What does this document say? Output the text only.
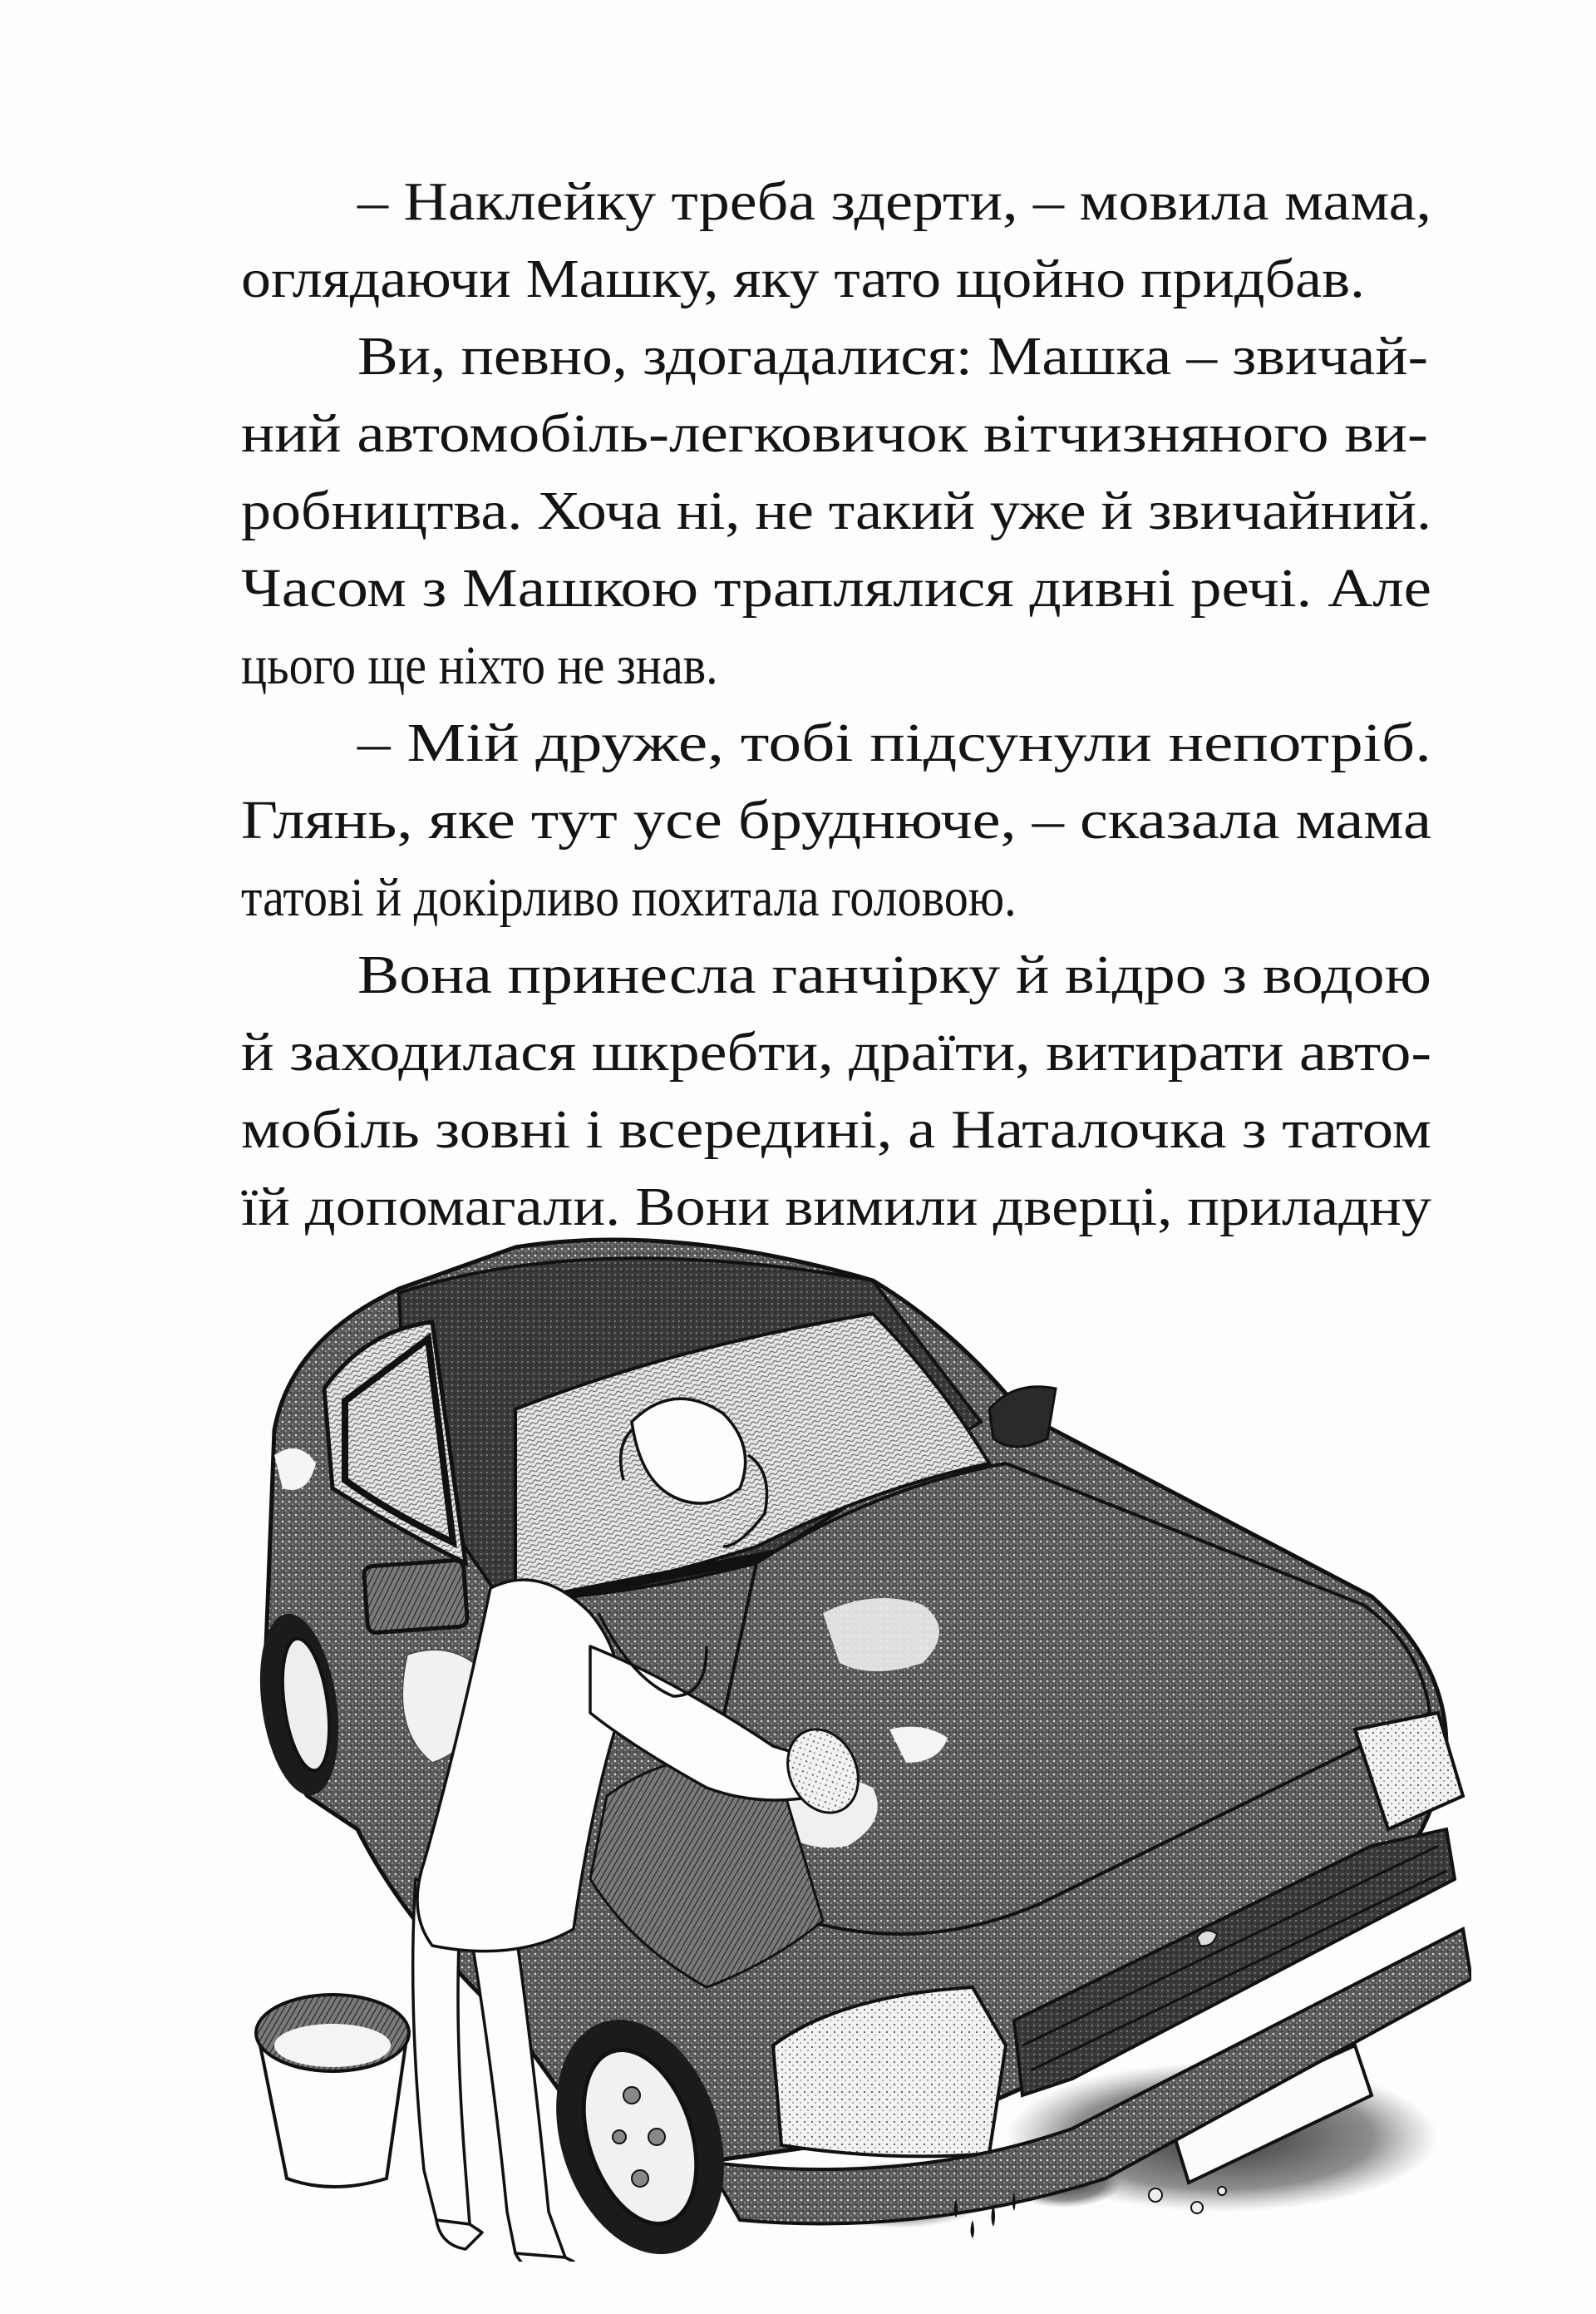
– Наклейку треба здерти, – мовила мама,
оглядаючи Машку, яку тато щойно придбав.
Ви, певно, здогадалися: Машка – звичай-
ний автомобіль-легковичок вітчизняного ви-
робництва. Хоча ні, не такий уже й звичайний.
Часом з Машкою траплялися дивні речі. Але
цього ще ніхто не знав.
– Мій друже, тобі підсунули непотріб.
Глянь, яке тут усе бруднюче, – сказала мама
татові й докірливо похитала головою.
Вона принесла ганчірку й відро з водою
й заходилася шкребти, драїти, витирати авто-
мобіль зовні і всередині, а Наталочка з татом
їй допомагали. Вони вимили дверці, приладну
